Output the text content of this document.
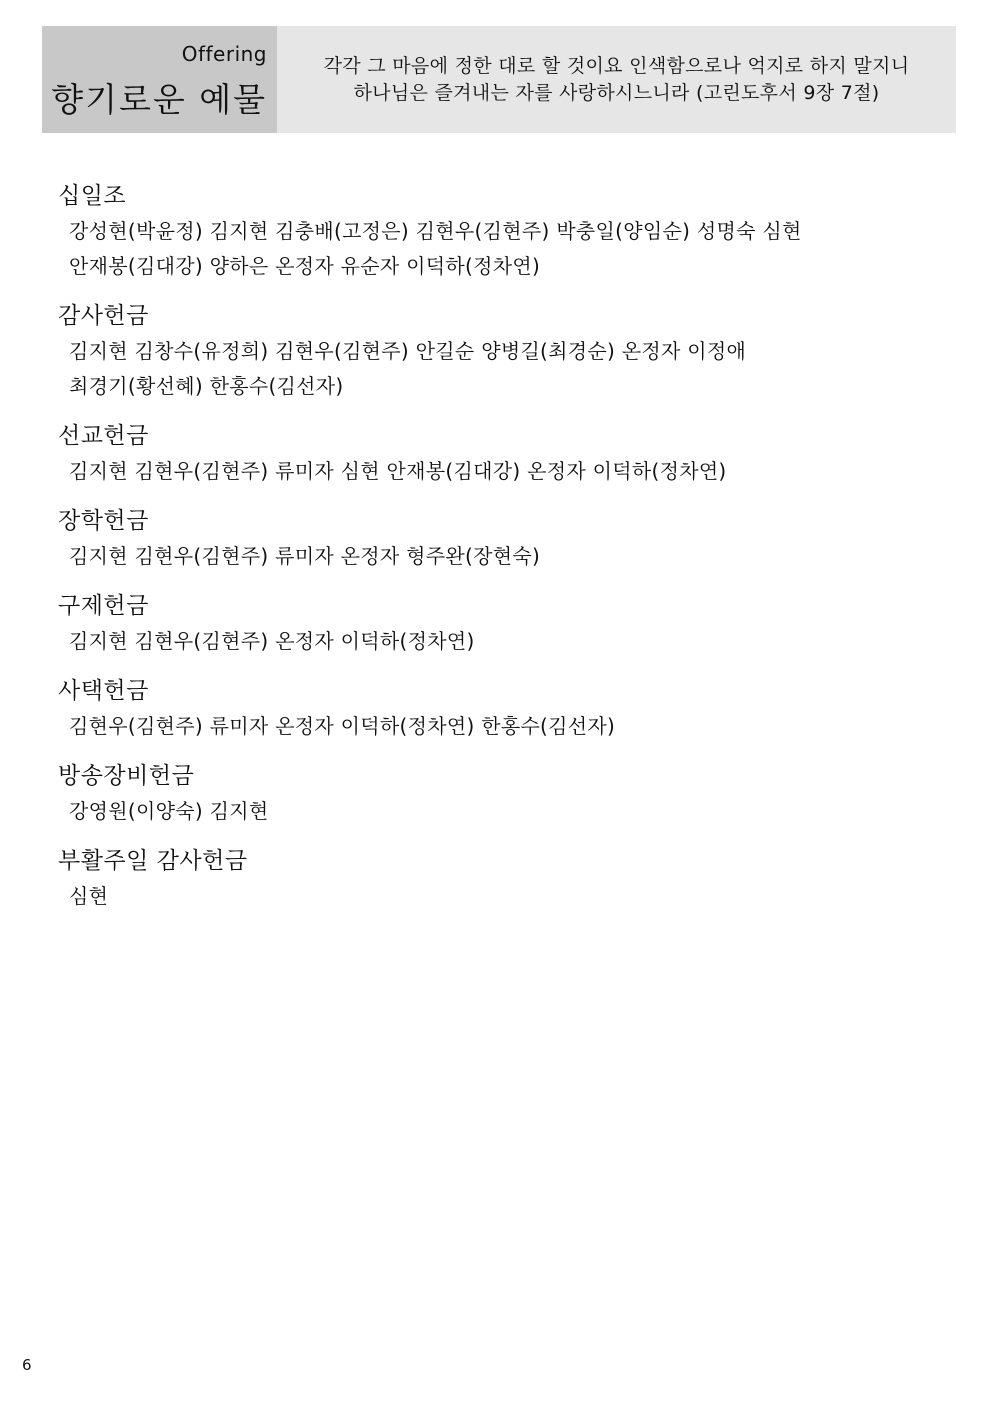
Offering
향기로운 예물
각각 그 마음에 정한 대로 할 것이요 인색함으로나 억지로 하지 말지니
하나님은 즐겨내는 자를 사랑하시느니라 (고린도후서 9장 7절)
십일조
강성현(박윤정) 김지현 김충배(고정은) 김현우(김현주) 박충일(양임순) 성명숙 심현
안재봉(김대강) 양하은 온정자 유순자 이덕하(정차연)
감사헌금
김지현 김창수(유정희) 김현우(김현주) 안길순 양병길(최경순) 온정자 이정애
최경기(황선혜) 한홍수(김선자)
선교헌금
김지현 김현우(김현주) 류미자 심현 안재봉(김대강) 온정자 이덕하(정차연)
장학헌금
김지현 김현우(김현주) 류미자 온정자 형주완(장현숙)
구제헌금
김지현 김현우(김현주) 온정자 이덕하(정차연)
사택헌금
김현우(김현주) 류미자 온정자 이덕하(정차연) 한홍수(김선자)
방송장비헌금
강영원(이양숙) 김지현
부활주일 감사헌금
심현
6
